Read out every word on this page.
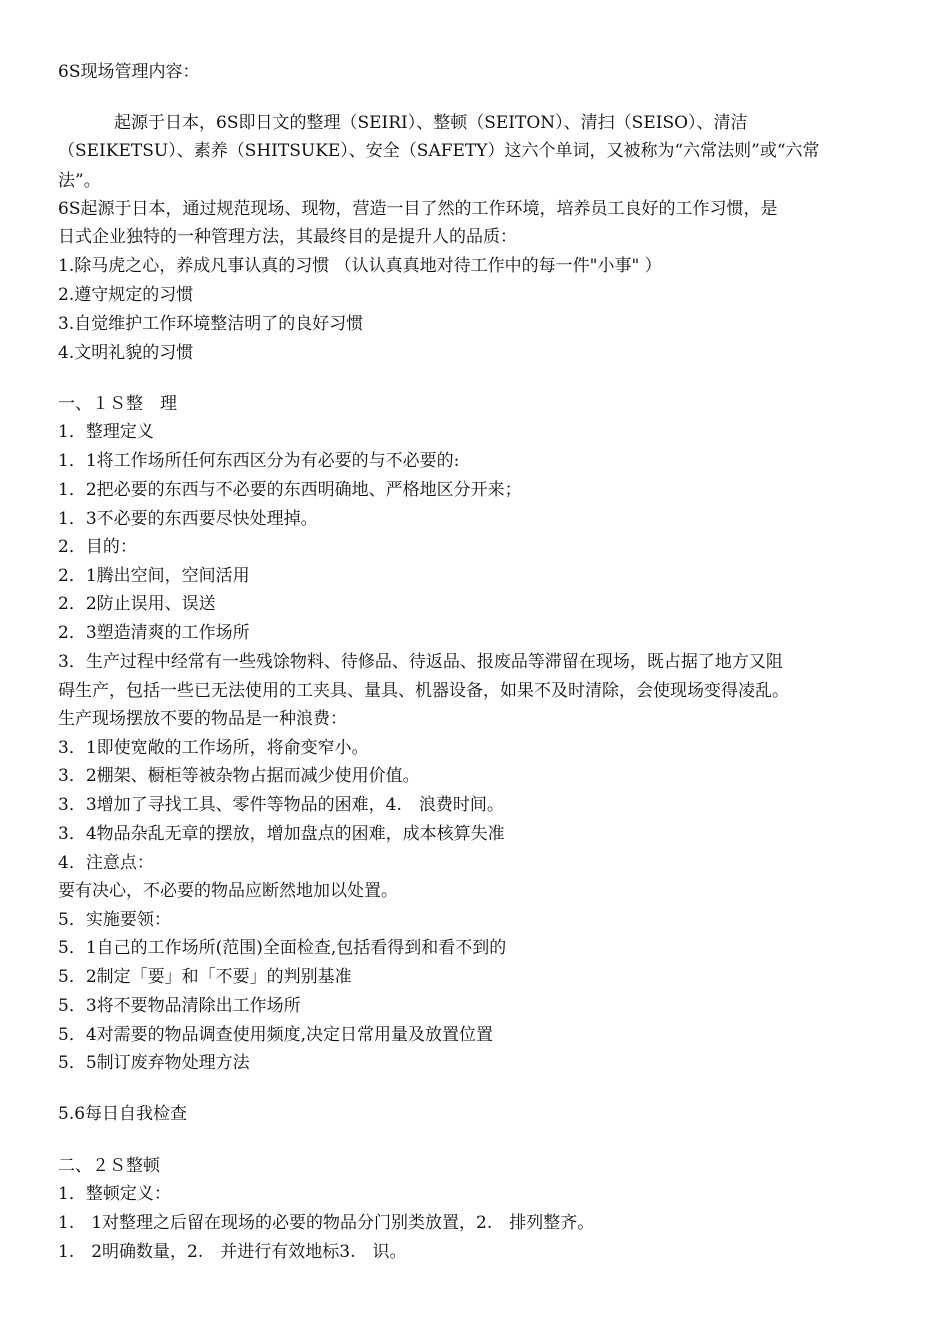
6S现场管理内容：
起源于日本，6S即日文的整理（SEIRI）、整顿（SEITON）、清扫（SEISO）、清洁
（SEIKETSU）、素养（SHITSUKE）、安全（SAFETY）这六个单词，又被称为“六常法则”或“六常
法”。
6S起源于日本，通过规范现场、现物，营造一目了然的工作环境，培养员工良好的工作习惯，是
日式企业独特的一种管理方法，其最终目的是提升人的品质：
1.除马虎之心，养成凡事认真的习惯 （认认真真地对待工作中的每一件"小事" ）
2.遵守规定的习惯
3.自觉维护工作环境整洁明了的良好习惯
4.文明礼貌的习惯
一、１Ｓ整　理
1．整理定义
1．1将工作场所任何东西区分为有必要的与不必要的:
1．2把必要的东西与不必要的东西明确地、严格地区分开来；
1．3不必要的东西要尽快处理掉。
2．目的：
2．1腾出空间，空间活用
2．2防止误用、误送
2．3塑造清爽的工作场所
3．生产过程中经常有一些残馀物料、待修品、待返品、报废品等滞留在现场，既占据了地方又阻
碍生产，包括一些已无法使用的工夹具、量具、机器设备，如果不及时清除，会使现场变得凌乱。
生产现场摆放不要的物品是一种浪费：
3．1即使宽敞的工作场所，将俞变窄小。
3．2棚架、橱柜等被杂物占据而减少使用价值。
3．3增加了寻找工具、零件等物品的困难，4.　浪费时间。
3．4物品杂乱无章的摆放，增加盘点的困难，成本核算失准
4．注意点：
要有决心，不必要的物品应断然地加以处置。
5．实施要领：
5．1自己的工作场所(范围)全面检查,包括看得到和看不到的
5．2制定「要」和「不要」的判别基准
5．3将不要物品清除出工作场所
5．4对需要的物品调查使用频度,决定日常用量及放置位置
5．5制订废弃物处理方法
5.6每日自我检查
二、２Ｓ整顿
1．整顿定义：
1.　1对整理之后留在现场的必要的物品分门别类放置，2.　排列整齐。
1.　2明确数量，2.　并进行有效地标3.　识。
